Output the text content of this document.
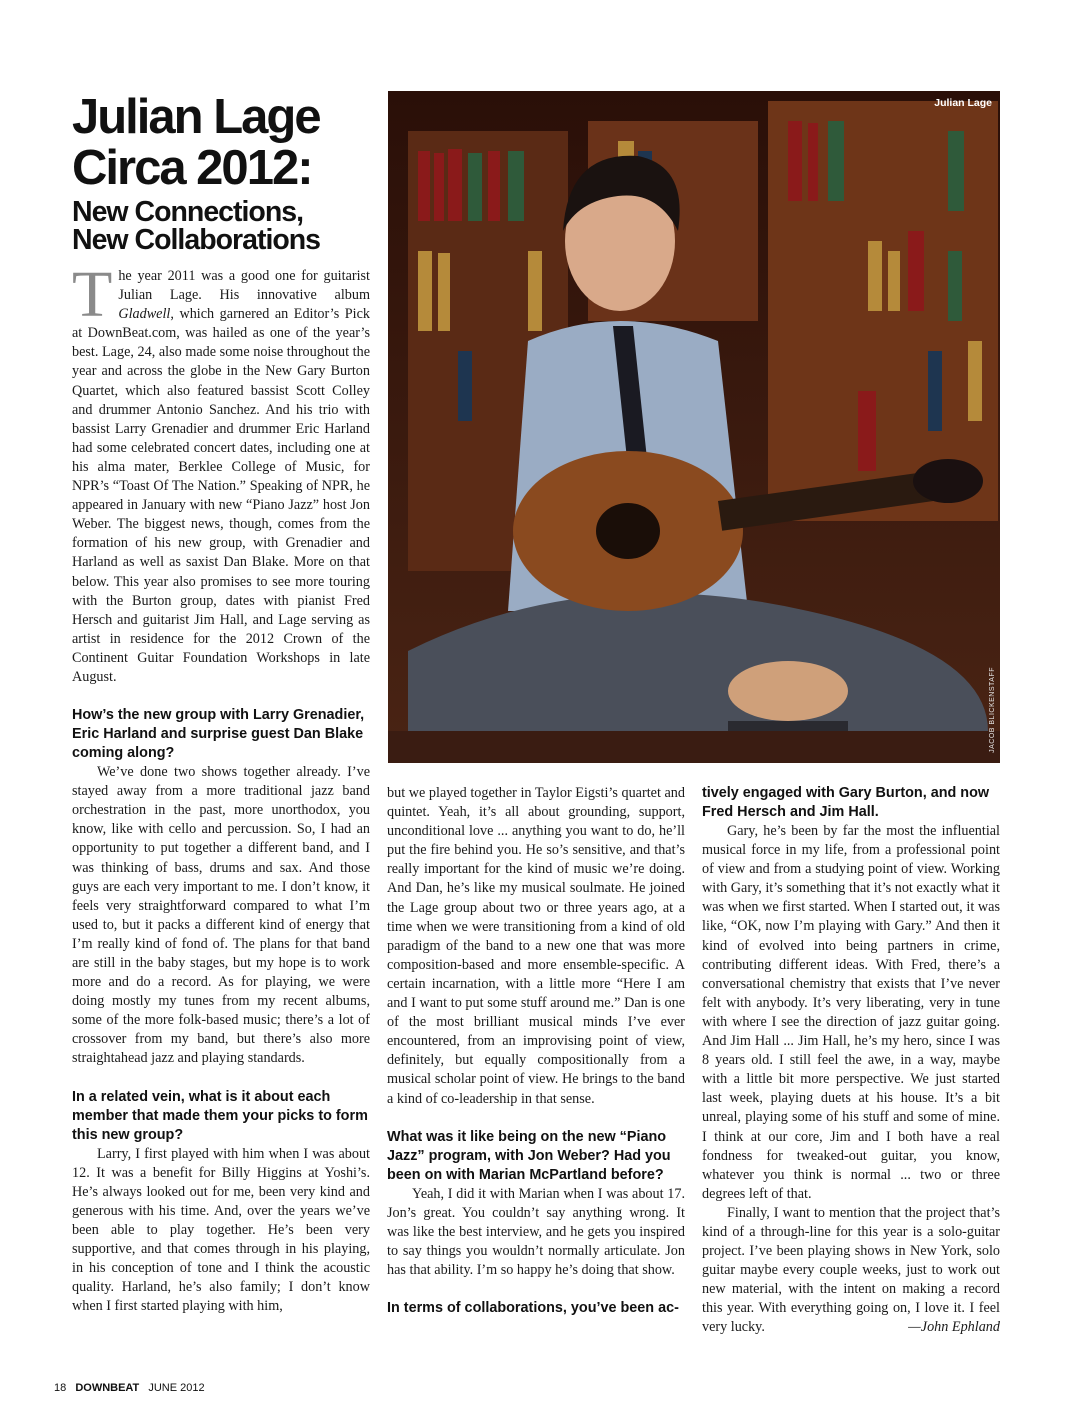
Julian Lage
Circa 2012:
New Connections,
New Collaborations

The year 2011 was a good one for guitarist Julian Lage. His innovative album Gladwell, which garnered an Editor’s Pick at DownBeat.com, was hailed as one of the year’s best. Lage, 24, also made some noise throughout the year and across the globe in the New Gary Burton Quartet, which also featured bassist Scott Colley and drummer Antonio Sanchez. And his trio with bassist Larry Grenadier and drummer Eric Harland had some celebrated concert dates, including one at his alma mater, Berklee College of Music, for NPR’s “Toast Of The Nation.” Speaking of NPR, he appeared in January with new “Piano Jazz” host Jon Weber. The biggest news, though, comes from the formation of his new group, with Grenadier and Harland as well as saxist Dan Blake. More on that below. This year also promises to see more touring with the Burton group, dates with pianist Fred Hersch and guitarist Jim Hall, and Lage serving as artist in residence for the 2012 Crown of the Continent Guitar Foundation Workshops in late August.

How’s the new group with Larry Grenadier, Eric Harland and surprise guest Dan Blake coming along?

We’ve done two shows together already. I’ve stayed away from a more traditional jazz band orchestration in the past, more unorthodox, you know, like with cello and percussion. So, I had an opportunity to put together a different band, and I was thinking of bass, drums and sax. And those guys are each very important to me. I don’t know, it feels very straightforward compared to what I’m used to, but it packs a different kind of energy that I’m really kind of fond of. The plans for that band are still in the baby stages, but my hope is to work more and do a record. As for playing, we were doing mostly my tunes from my recent albums, some of the more folk-based music; there’s a lot of crossover from my band, but there’s also more straightahead jazz and playing standards.

In a related vein, what is it about each member that made them your picks to form this new group?

Larry, I first played with him when I was about 12. It was a benefit for Billy Higgins at Yoshi’s. He’s always looked out for me, been very kind and generous with his time. And, over the years we’ve been able to play together. He’s been very supportive, and that comes through in his playing, in his conception of tone and I think the acoustic quality. Harland, he’s also family; I don’t know when I first started playing with him,

Julian Lage
JACOB BLICKENSTAFF

but we played together in Taylor Eigsti’s quartet and quintet. Yeah, it’s all about grounding, support, unconditional love ... anything you want to do, he’ll put the fire behind you. He so’s sensitive, and that’s really important for the kind of music we’re doing. And Dan, he’s like my musical soulmate. He joined the Lage group about two or three years ago, at a time when we were transitioning from a kind of old paradigm of the band to a new one that was more composition-based and more ensemble-specific. A certain incarnation, with a little more “Here I am and I want to put some stuff around me.” Dan is one of the most brilliant musical minds I’ve ever encountered, from an improvising point of view, definitely, but equally compositionally from a musical scholar point of view. He brings to the band a kind of co-leadership in that sense.

What was it like being on the new “Piano Jazz” program, with Jon Weber? Had you been on with Marian McPartland before?

Yeah, I did it with Marian when I was about 17. Jon’s great. You couldn’t say anything wrong. It was like the best interview, and he gets you inspired to say things you wouldn’t normally articulate. Jon has that ability. I’m so happy he’s doing that show.

In terms of collaborations, you’ve been ac-
tively engaged with Gary Burton, and now Fred Hersch and Jim Hall.

Gary, he’s been by far the most the influential musical force in my life, from a professional point of view and from a studying point of view. Working with Gary, it’s something that it’s not exactly what it was when we first started. When I started out, it was like, “OK, now I’m playing with Gary.” And then it kind of evolved into being partners in crime, contributing different ideas. With Fred, there’s a conversational chemistry that exists that I’ve never felt with anybody. It’s very liberating, very in tune with where I see the direction of jazz guitar going. And Jim Hall ... Jim Hall, he’s my hero, since I was 8 years old. I still feel the awe, in a way, maybe with a little bit more perspective. We just started last week, playing duets at his house. It’s a bit unreal, playing some of his stuff and some of mine. I think at our core, Jim and I both have a real fondness for tweaked-out guitar, you know, whatever you think is normal ... two or three degrees left of that.

Finally, I want to mention that the project that’s kind of a through-line for this year is a solo-guitar project. I’ve been playing shows in New York, solo guitar maybe every couple weeks, just to work out new material, with the intent on making a record this year. With everything going on, I love it. I feel very lucky.	—John Ephland

18 DOWNBEAT JUNE 2012
